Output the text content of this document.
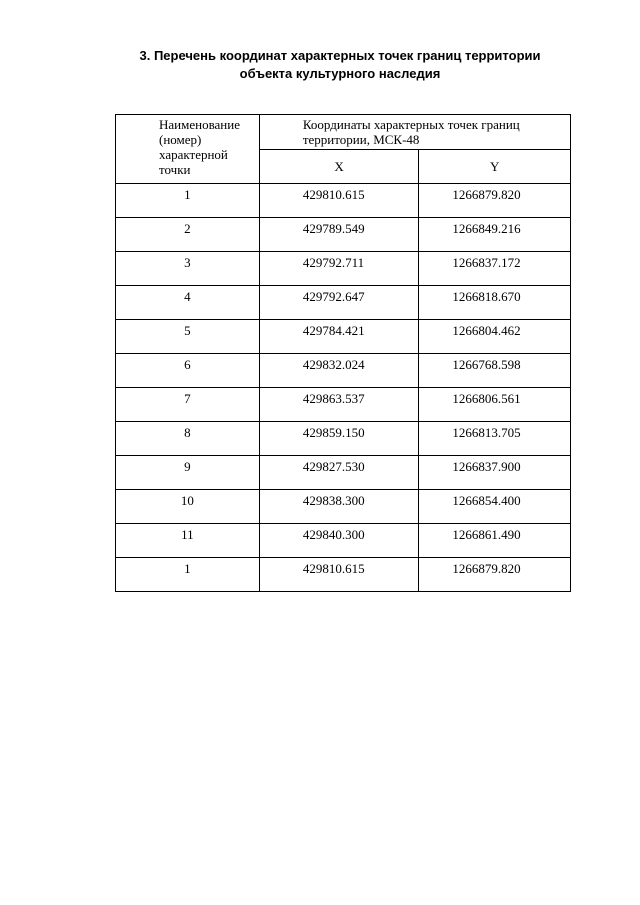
3. Перечень координат характерных точек границ территории
объекта культурного наследия
Наименование (номер) характерной точки	Координаты характерных точек границ территории, МСК-48	
	X	Y
1	429810.615	1266879.820
2	429789.549	1266849.216
3	429792.711	1266837.172
4	429792.647	1266818.670
5	429784.421	1266804.462
6	429832.024	1266768.598
7	429863.537	1266806.561
8	429859.150	1266813.705
9	429827.530	1266837.900
10	429838.300	1266854.400
11	429840.300	1266861.490
1	429810.615	1266879.820
